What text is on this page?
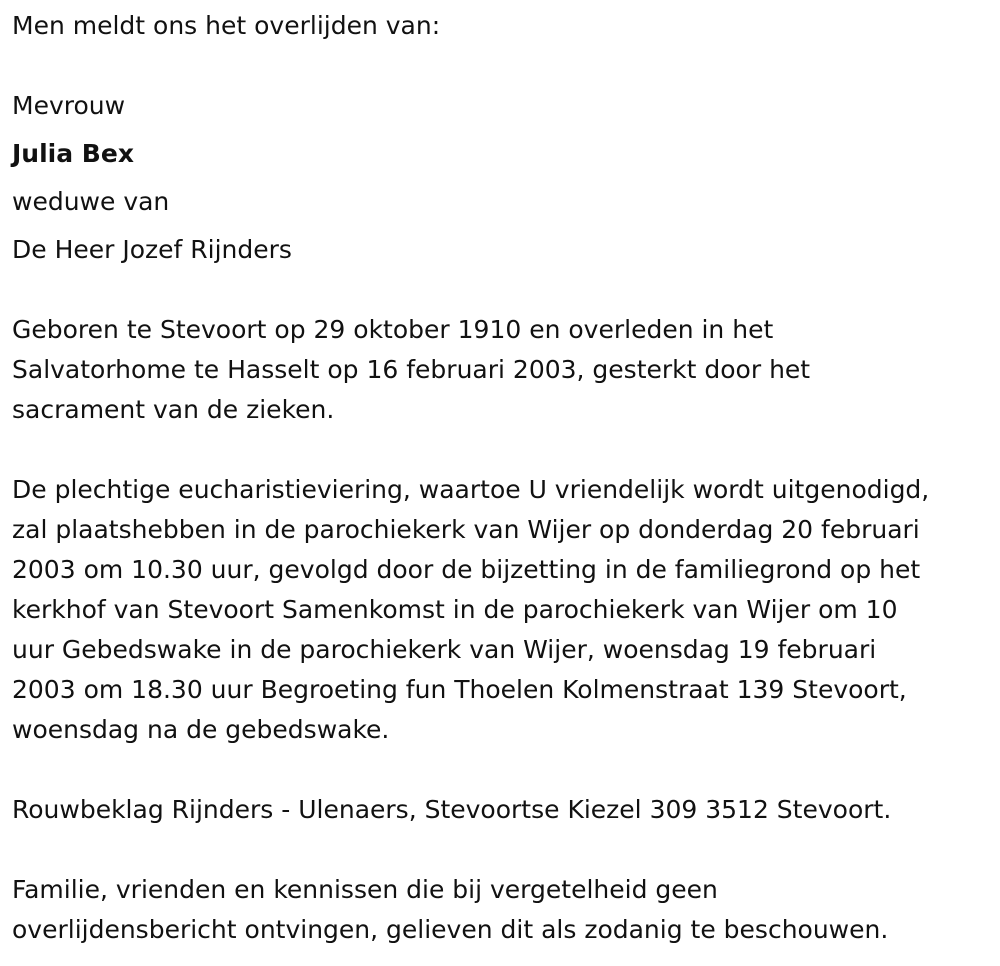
Men meldt ons het overlijden van:
Mevrouw
Julia Bex
weduwe van
De Heer Jozef Rijnders
Geboren te Stevoort op 29 oktober 1910 en overleden in het
Salvatorhome te Hasselt op 16 februari 2003, gesterkt door het
sacrament van de zieken.
De plechtige eucharistieviering, waartoe U vriendelijk wordt uitgenodigd,
zal plaatshebben in de parochiekerk van Wijer op donderdag 20 februari
2003 om 10.30 uur, gevolgd door de bijzetting in de familiegrond op het
kerkhof van Stevoort Samenkomst in de parochiekerk van Wijer om 10
uur Gebedswake in de parochiekerk van Wijer, woensdag 19 februari
2003 om 18.30 uur Begroeting fun Thoelen Kolmenstraat 139 Stevoort,
woensdag na de gebedswake.
Rouwbeklag Rijnders - Ulenaers, Stevoortse Kiezel 309 3512 Stevoort.
Familie, vrienden en kennissen die bij vergetelheid geen
overlijdensbericht ontvingen, gelieven dit als zodanig te beschouwen.
